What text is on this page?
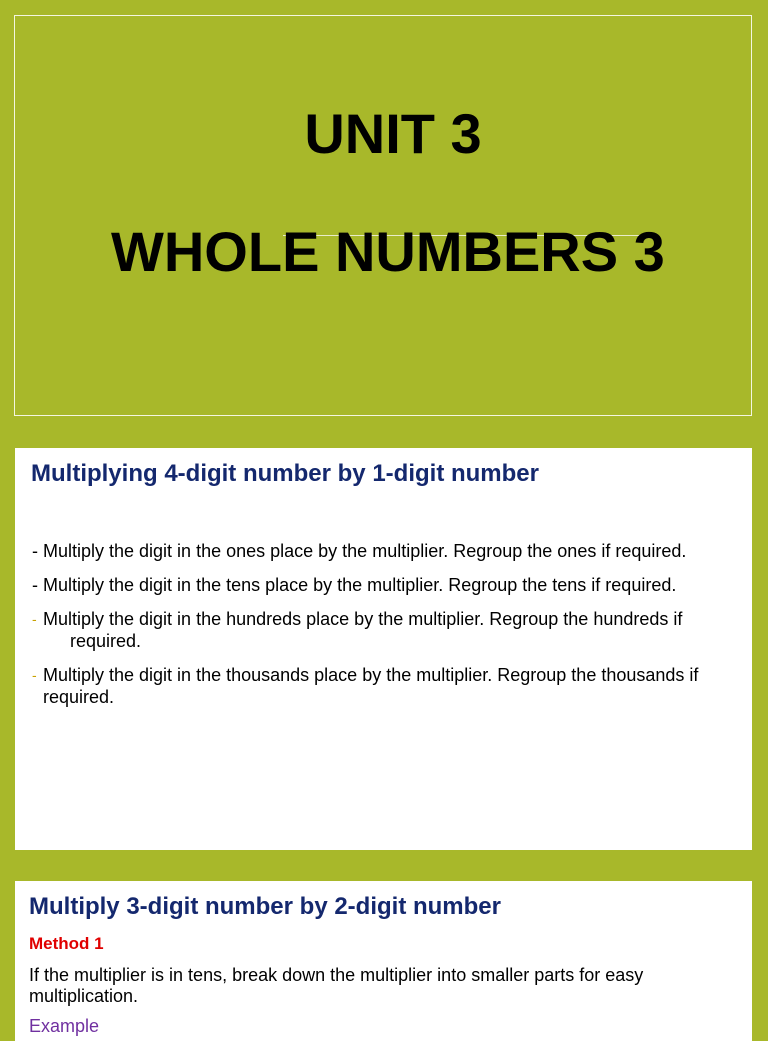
UNIT 3
WHOLE NUMBERS 3
Multiplying 4-digit number by 1-digit number
- Multiply the digit in the ones place by the multiplier. Regroup the ones if required.
- Multiply the digit in the tens place by the multiplier. Regroup the tens if required.
- Multiply the digit in the hundreds place by the multiplier. Regroup the hundreds if
required.
- Multiply the digit in the thousands place by the multiplier. Regroup the thousands if required.
Multiply 3-digit number by 2-digit number
Method 1
If the multiplier is in tens, break down the multiplier into smaller parts for easy multiplication.
Example
